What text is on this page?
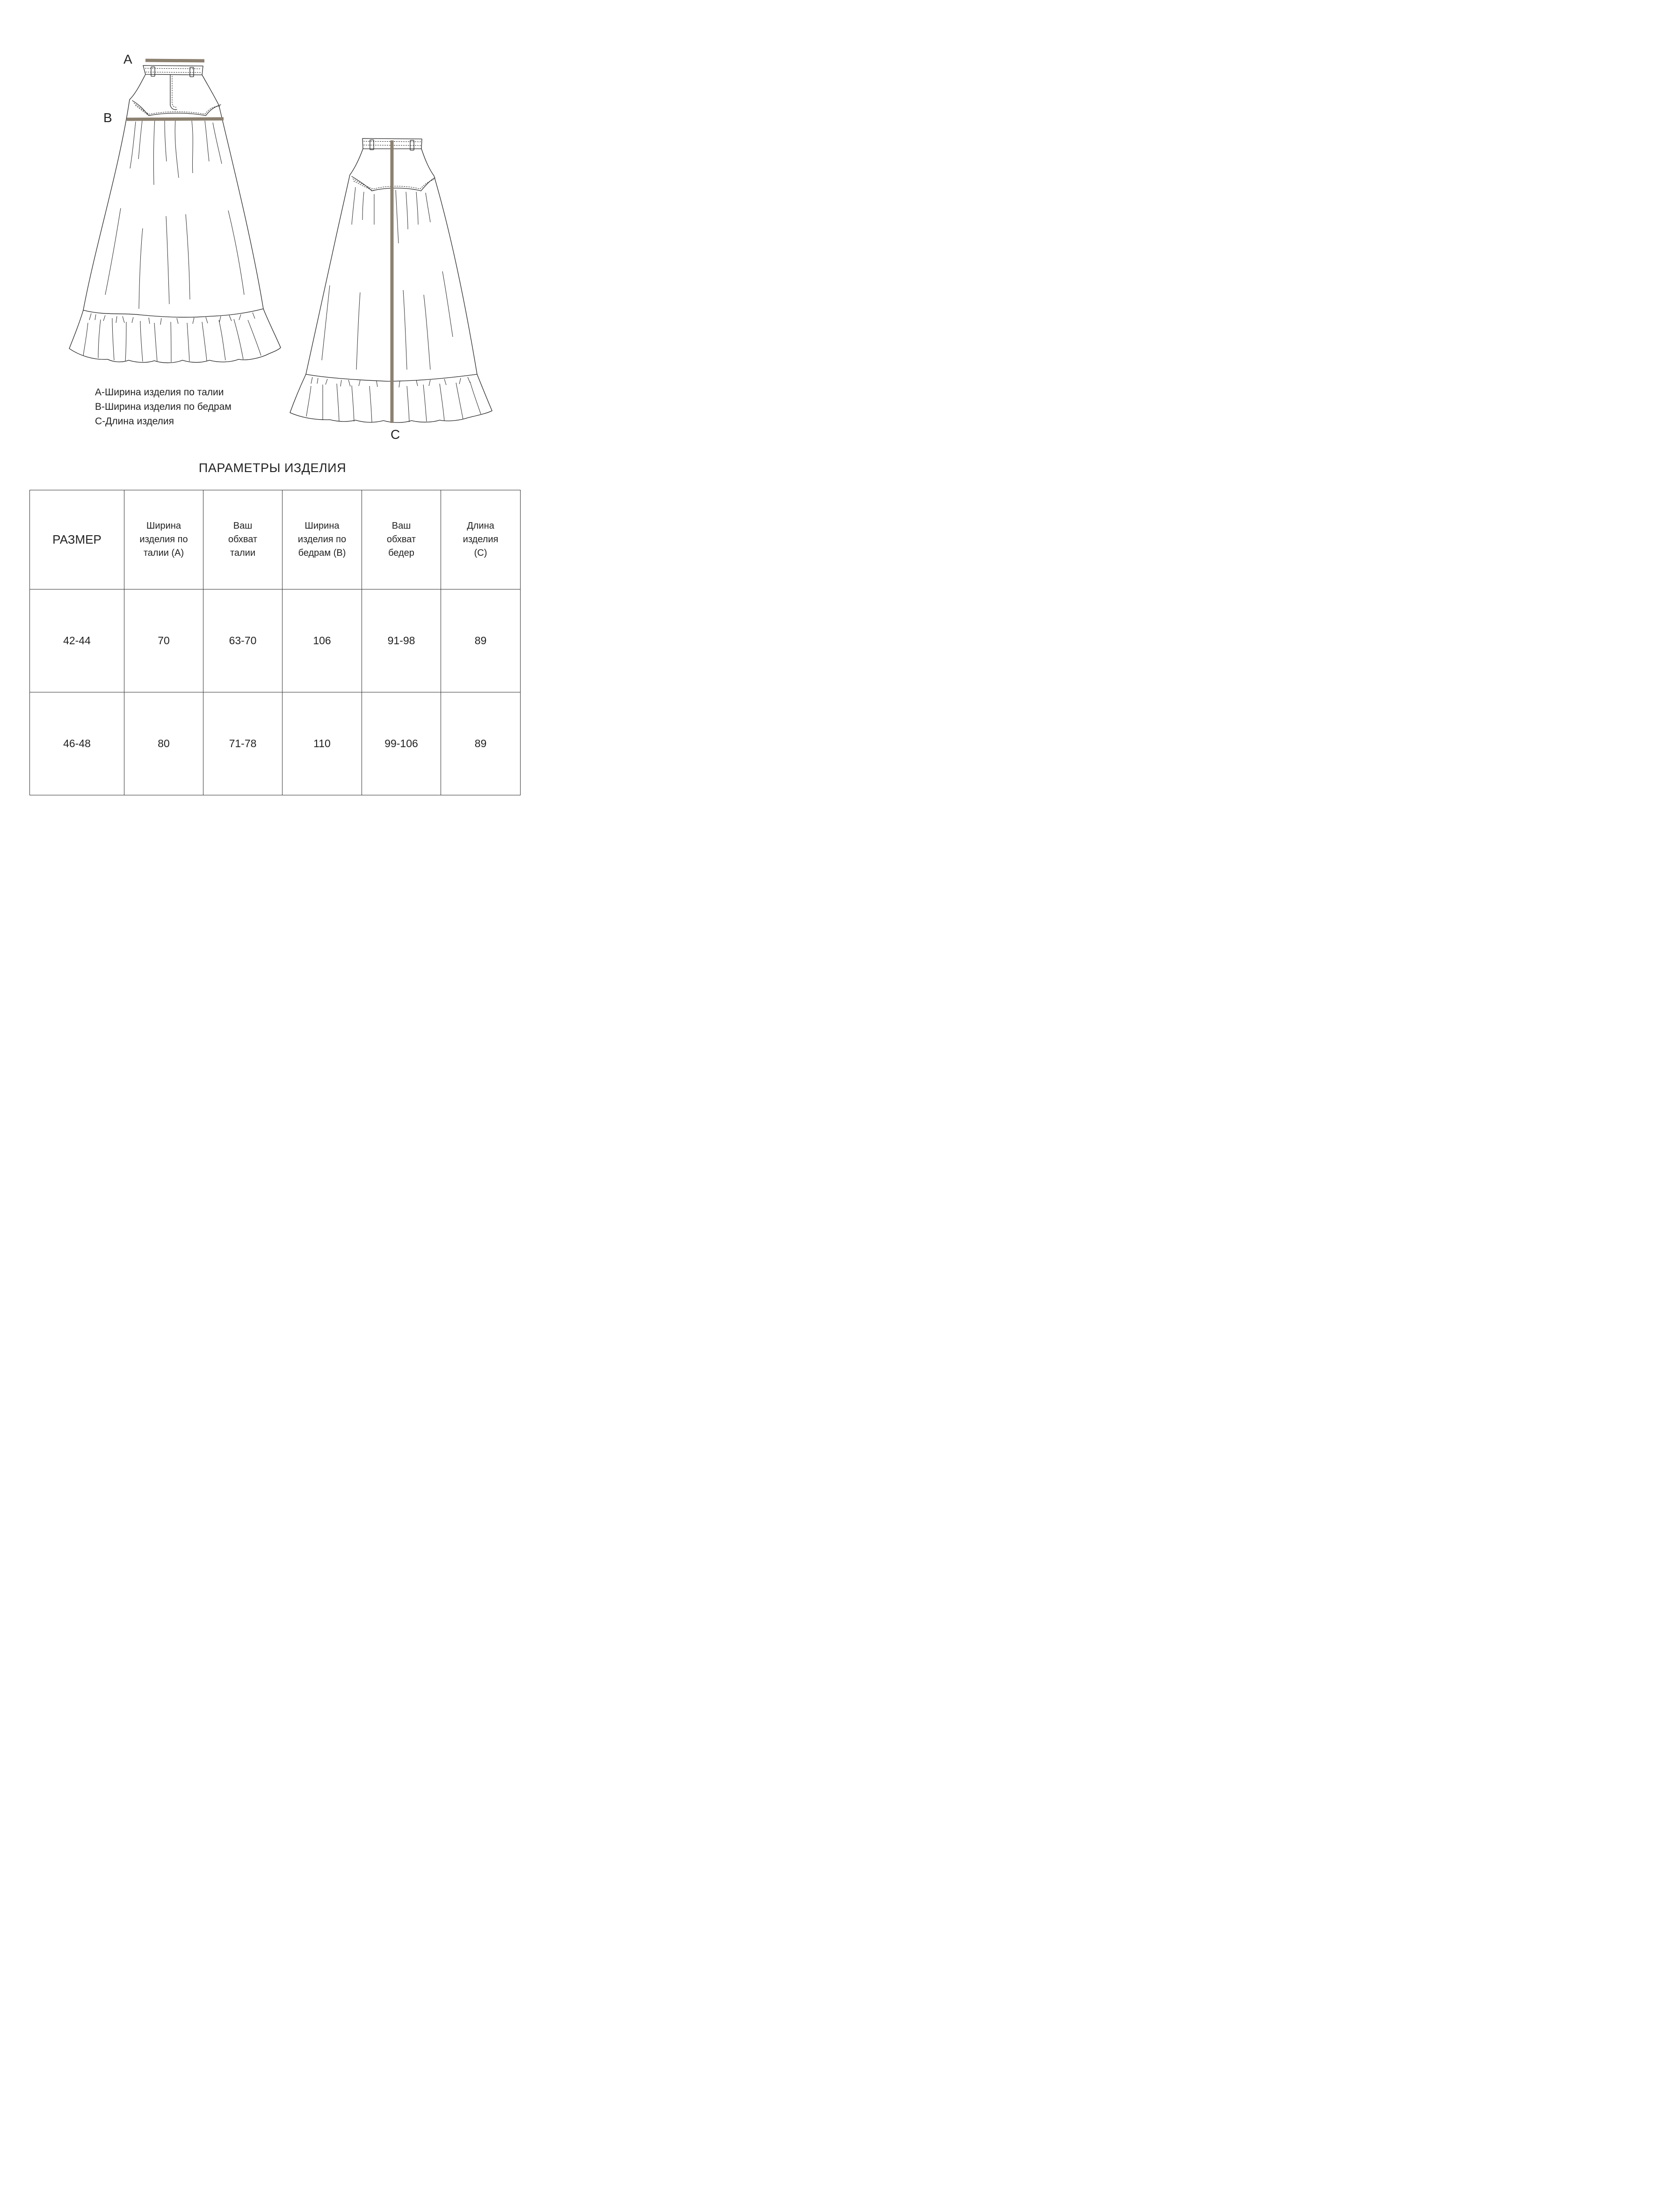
A
B
C
А-Ширина изделия по талии
В-Ширина изделия по бедрам
С-Длина изделия
ПАРАМЕТРЫ ИЗДЕЛИЯ
РАЗМЕР	Ширина изделия по талии (А)	Ваш обхват талии	Ширина изделия по бедрам (В)	Ваш обхват бедер	Длина изделия (С)

42-44	70	63-70	106	91-98	89
46-48	80	71-78	110	99-106	89
